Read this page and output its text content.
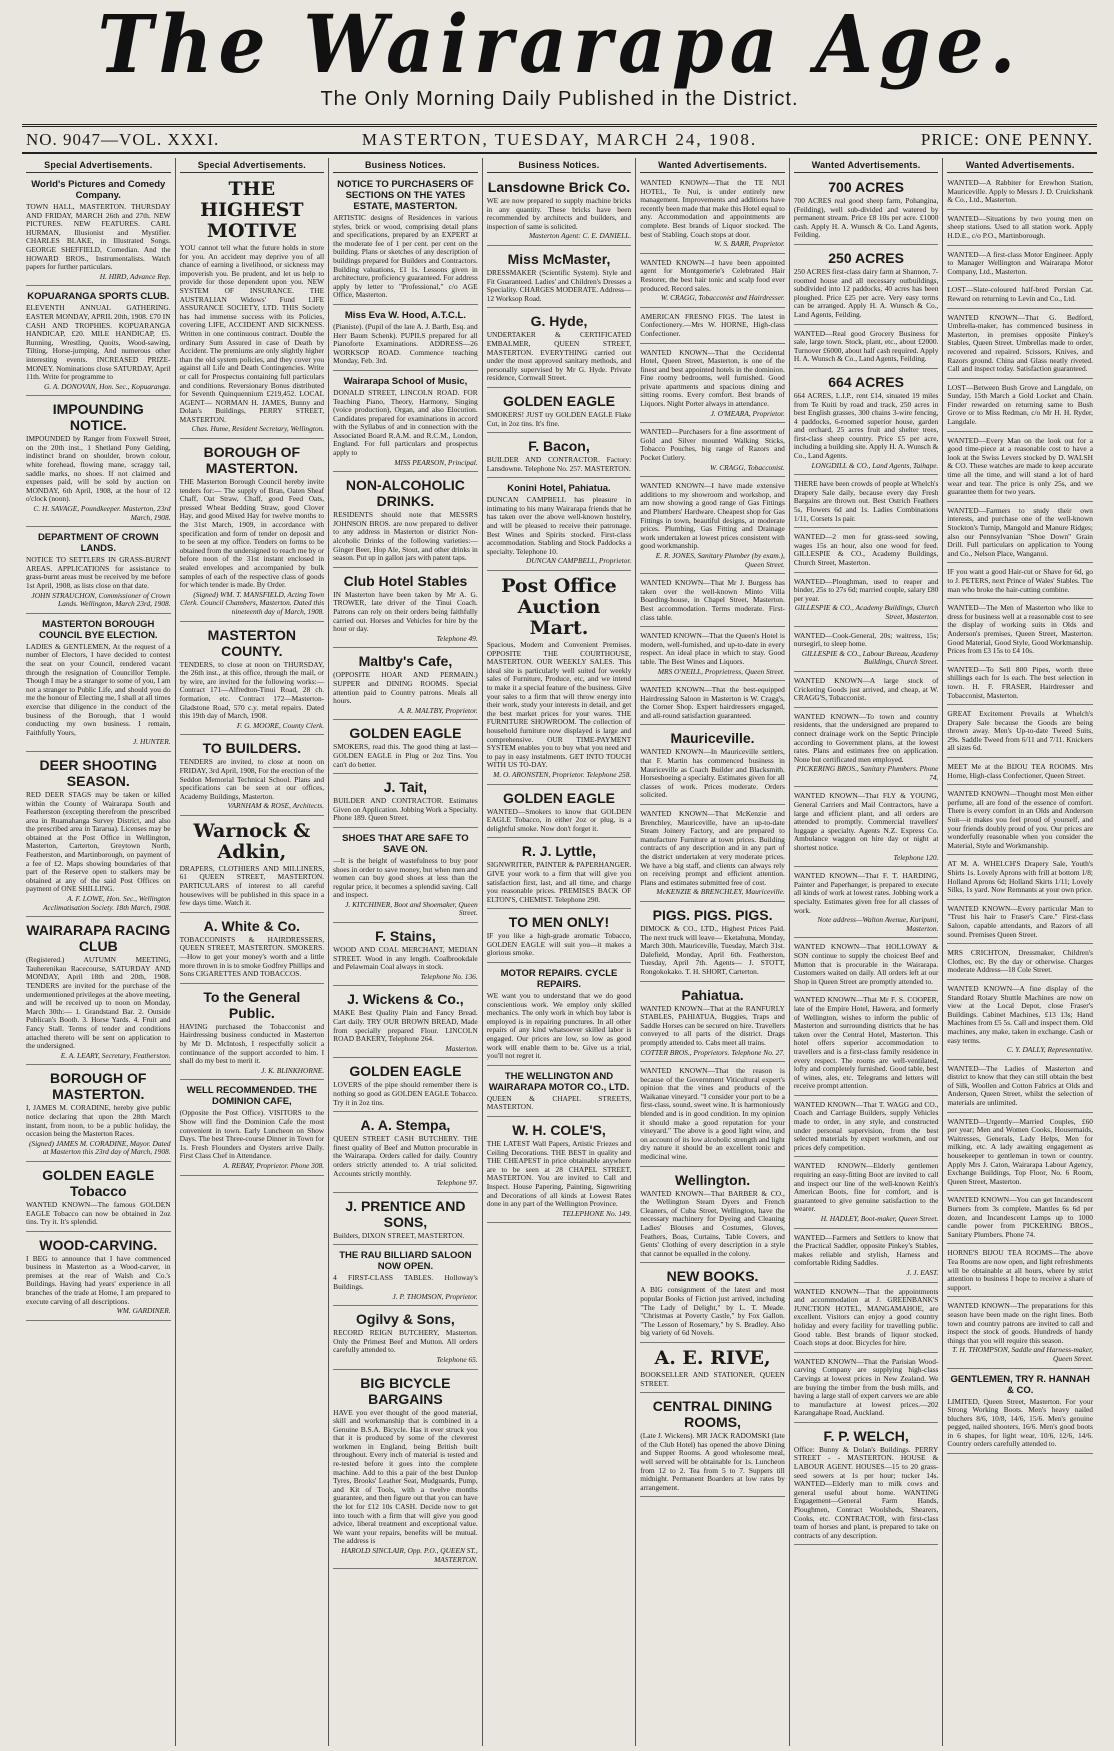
The Wairarapa Age.
The Only Morning Daily Published in the District.
NO. 9047—VOL. XXXI.	MASTERTON, TUESDAY, MARCH 24, 1908.	PRICE: ONE PENNY.
Special Advertisements.
World's Pictures and Comedy Company.
TOWN HALL, MASTERTON. THURSDAY AND FRIDAY, MARCH 26th and 27th. NEW PICTURES. NEW FEATURES. CARL HURMAN, Illusionist and Mystifier. CHARLES BLAKE, in Illustrated Songs. GEORGE SHEFFIELD, Comedian. And the HOWARD BROS., Instrumentalists. Watch papers for further particulars.
H. HIRD, Advance Rep.
KOPUARANGA SPORTS CLUB.
ELEVENTH ANNUAL GATHERING. EASTER MONDAY, APRIL 20th, 1908. £70 IN CASH AND TROPHIES. KOPUARANGA HANDICAP, £20. MILE HANDICAP, £5. Running, Wrestling, Quoits, Wood-sawing, Tilting, Horse-jumping, And numerous other interesting events. INCREASED PRIZE-MONEY. Nominations close SATURDAY, April 11th. Write for programme to
G. A. DONOVAN, Hon. Sec., Kopuaranga.
IMPOUNDING NOTICE.
IMPOUNDED by Ranger from Foxwell Street, on the 20th inst., 1 Shetland Pony Gelding, indistinct brand on shoulder, brown colour, white forehead, flowing mane, scraggy tail, saddle marks, no shoes. If not claimed and expenses paid, will be sold by auction on MONDAY, 6th April, 1908, at the hour of 12 o'clock (noon).
C. H. SAVAGE, Poundkeeper. Masterton, 23rd March, 1908.
DEPARTMENT OF CROWN LANDS.
NOTICE TO SETTLERS IN GRASS-BURNT AREAS. APPLICATIONS for assistance to grass-burnt areas must be received by me before 1st April, 1908, as lists close on that date.
JOHN STRAUCHON, Commissioner of Crown Lands. Wellington, March 23rd, 1908.
MASTERTON BOROUGH COUNCIL BYE ELECTION.
LADIES & GENTLEMEN, At the request of a number of Electors, I have decided to contest the seat on your Council, rendered vacant through the resignation of Councillor Temple. Though I may be a stranger to some of you, I am not a stranger to Public Life, and should you do me the honour of Electing me, I shall at all times exercise that diligence in the conduct of the business of the Borough, that I would conducting my own business. I remain, Faithfully Yours,
J. HUNTER.
DEER SHOOTING SEASON.
RED DEER STAGS may be taken or killed within the County of Wairarapa South and Featherston (excepting therefrom the prescribed area in Ruamahanga Survey District, and also the prescribed area in Tararua). Licenses may be obtained at the Post Office in Wellington, Masterton, Carterton, Greytown North, Featherston, and Martinborough, on payment of a fee of £2. Maps showing boundaries of that part of the Reserve open to stalkers may be obtained at any of the said Post Offices on payment of ONE SHILLING.
A. F. LOWE, Hon. Sec., Wellington Acclimatisation Society. 18th March, 1908.
WAIRARAPA RACING CLUB
(Registered.) AUTUMN MEETING, Tauherenikau Racecourse, SATURDAY AND MONDAY, April 18th and 20th, 1908. TENDERS are invited for the purchase of the undermentioned privileges at the above meeting, and will be received up to noon on Monday, March 30th:— 1. Grandstand Bar. 2. Outside Publican's Booth. 3. Horse Yards. 4. Fruit and Fancy Stall. Terms of tender and conditions attached thereto will be sent on application to the undersigned.
E. A. LEARY, Secretary, Featherston.
BOROUGH OF MASTERTON.
I, JAMES M. CORADINE, hereby give public notice declaring that upon the 28th March instant, from noon, to be a public holiday, the occasion being the Masterton Races.
(Signed) JAMES M. CORADINE, Mayor. Dated at Masterton this 23rd day of March, 1908.
GOLDEN EAGLE Tobacco
WANTED KNOWN—The famous GOLDEN EAGLE Tobacco can now be obtained in 2oz tins. Try it. It's splendid.
WOOD-CARVING.
I BEG to announce that I have commenced business in Masterton as a Wood-carver, in premises at the rear of Walsh and Co.'s Buildings. Having had years' experience in all branches of the trade at Home, I am prepared to execute carving of all descriptions.
WM. GARDINER.
Special Advertisements.
THE HIGHEST MOTIVE
YOU cannot tell what the future holds in store for you. An accident may deprive you of all chance of earning a livelihood, or sickness may impoverish you. Be prudent, and let us help to provide for those dependent upon you. NEW SYSTEM OF INSURANCE. THE AUSTRALIAN Widows' Fund LIFE ASSURANCE SOCIETY, LTD. THIS Society has had immense success with its Policies, covering LIFE, ACCIDENT AND SICKNESS. Written in one continuous contract. Double the ordinary Sum Assured in case of Death by Accident. The premiums are only slightly higher than the old system policies, and they cover you against all Life and Death Contingencies. Write or call for Prospectus containing full particulars and conditions. Reversionary Bonus distributed for Seventh Quinquennium £219,452. LOCAL AGENT— NORMAN H. JAMES, Bunny and Dolan's Buildings, PERRY STREET, MASTERTON.
Chas. Hume, Resident Secretary, Wellington.
BOROUGH OF MASTERTON.
THE Masterton Borough Council hereby invite tenders for:— The supply of Bran, Oaten Sheaf Chaff, Oat Straw, Chaff, good Feed Oats, pressed Wheat Bedding Straw, good Clover Hay, and good Mixed Hay for twelve months to the 31st March, 1909, in accordance with specification and form of tender on deposit and to be seen at my office. Tenders on forms to be obtained from the undersigned to reach me by or before noon of the 31st instant enclosed in sealed envelopes and accompanied by bulk samples of each of the respective class of goods for which tender is made. By Order.
(Signed) WM. T. MANSFIELD, Acting Town Clerk. Council Chambers, Masterton. Dated this nineteenth day of March, 1908.
MASTERTON COUNTY.
TENDERS, to close at noon on THURSDAY, the 26th inst., at this office, through the mail, or by wire, are invited for the following works:— Contract 171—Alfredton-Tinui Road, 28 ch. formation, etc. Contract 172—Masterton-Gladstone Road, 570 c.y. metal repairs. Dated this 19th day of March, 1908.
F. G. MOORE, County Clerk.
TO BUILDERS.
TENDERS are invited, to close at noon on FRIDAY, 3rd April, 1908, For the erection of the Seddon Memorial Technical School. Plans and specifications can be seen at our offices, Academy Buildings, Masterton.
VARNHAM & ROSE, Architects.
Warnock & Adkin,
DRAPERS, CLOTHIERS AND MILLINERS, 61 QUEEN STREET, MASTERTON. PARTICULARS of interest to all careful housewives will be published in this space in a few days time. Watch it.
A. White & Co.
TOBACCONISTS & HAIRDRESSERS, QUEEN STREET, MASTERTON. SMOKERS.—How to get your money's worth and a little more thrown in is to smoke Godfrey Phillips and Sons CIGARETTES AND TOBACCOS.
To the General Public.
HAVING purchased the Tobacconist and Hairdressing business conducted in Masterton by Mr D. McIntosh, I respectfully solicit a continuance of the support accorded to him. I shall do my best to merit it.
J. K. BLINKHORNE.
WELL RECOMMENDED. THE DOMINION CAFE,
(Opposite the Post Office). VISITORS to the Show will find the Dominion Cafe the most convenient in town. Early Luncheon on Show Days. The best Three-course Dinner in Town for 1s. Fresh Flounders and Oysters arrive Daily. First Class Chef in Attendance.
A. REBAY, Proprietor. Phone 308.
Business Notices.
NOTICE TO PURCHASERS OF SECTIONS ON THE YATES ESTATE, MASTERTON.
ARTISTIC designs of Residences in various styles, brick or wood, comprising detail plans and specifications, prepared by an EXPERT at the moderate fee of 1 per cent. per cent on the building. Plans or sketches of any description of buildings prepared for Builders and Contractors. Building valuations, £1 1s. Lessons given in architecture, proficiency guaranteed. For address apply by letter to "Professional," c/o AGE Office, Masterton.
Miss Eva W. Hood, A.T.C.L.
(Pianiste). (Pupil of the late A. J. Barth, Esq. and Herr Baum Schenk). PUPILS prepared for all Pianoforte Examinations. ADDRESS—26 WORKSOP ROAD. Commence teaching Monday, Feb. 3rd.
Wairarapa School of Music,
DONALD STREET, LINCOLN ROAD. FOR Teaching Piano, Theory, Harmony, Singing (voice production), Organ, and also Elocution. Candidates prepared for examinations in accord with the Syllabus of and in connection with the Associated Board R.A.M. and R.C.M., London, England. For full particulars and prospectus apply to
MISS PEARSON, Principal.
NON-ALCOHOLIC DRINKS.
RESIDENTS should note that MESSRS JOHNSON BROS. are now prepared to deliver to any address in Masterton or district Non-alcoholic Drinks of the following varieties:—Ginger Beer, Hop Ale, Stout, and other drinks in season. Put up in gallon jars with patent taps.
Club Hotel Stables
IN Masterton have been taken by Mr A. G. TROWER, late driver of the Tinui Coach. Patrons can rely on their orders being faithfully carried out. Horses and Vehicles for hire by the hour or day.
Telephone 49.
Maltby's Cafe,
(OPPOSITE HOAR AND PERMAIN.) SUPPER and DINING ROOMS. Special attention paid to Country patrons. Meals all hours.
A. R. MALTBY, Proprietor.
GOLDEN EAGLE
SMOKERS, read this. The good thing at last—GOLDEN EAGLE in Plug or 2oz Tins. You can't do better.
J. Tait,
BUILDER AND CONTRACTOR. Estimates Given on Application. Jobbing Work a Specialty. Phone 189. Queen Street.
SHOES THAT ARE SAFE TO SAVE ON.
—It is the height of wastefulness to buy poor shoes in order to save money, but when men and women can buy good shoes at less than the regular price, it becomes a splendid saving. Call and inspect.
J. KITCHINER, Boot and Shoemaker, Queen Street.
F. Stains,
WOOD AND COAL MERCHANT, MEDIAN STREET. Wood in any length. Coalbrookdale and Pelawmain Coal always in stock.
Telephone No. 136.
J. Wickens & Co.,
MAKE Best Quality Plain and Fancy Bread. Cart daily. TRY OUR BROWN BREAD, Made from specially prepared Flour. LINCOLN ROAD BAKERY, Telephone 264.
Masterton.
GOLDEN EAGLE
LOVERS of the pipe should remember there is nothing so good as GOLDEN EAGLE Tobacco. Try it in 2oz tins.
A. A. Stempa,
QUEEN STREET CASH BUTCHERY. THE finest quality of Beef and Mutton procurable in the Wairarapa. Orders called for daily. Country orders strictly attended to. A trial solicited. Accounts strictly monthly.
Telephone 97.
J. PRENTICE AND SONS,
Builders, DIXON STREET, MASTERTON.
THE RAU BILLIARD SALOON NOW OPEN.
4 FIRST-CLASS TABLES. Holloway's Buildings.
J. P. THOMSON, Proprietor.
Ogilvy & Sons,
RECORD REIGN BUTCHERY, Masterton. Only the Primest Beef and Mutton. All orders carefully attended to.
Telephone 65.
BIG BICYCLE BARGAINS
HAVE you ever thought of the good material, skill and workmanship that is combined in a Genuine B.S.A. Bicycle. Has it ever struck you that it is produced by some of the cleverest workmen in England, being British built throughout. Every inch of material is tested and re-tested before it goes into the complete machine. Add to this a pair of the best Dunlop Tyres, Brooks' Leather Seat, Mudguards, Pump, and Kit of Tools, with a twelve months guarantee, and then figure out that you can have the lot for £12 10s CASH. Decide now to get into touch with a firm that will give you good advice, liberal treatment and exceptional value. We want your repairs, benefits will be mutual. The address is
HAROLD SINCLAIR, Opp. P.O., QUEEN ST., MASTERTON.
Business Notices.
Lansdowne Brick Co.
WE are now prepared to supply machine bricks in any quantity. These bricks have been recommended by architects and builders, and inspection of same is solicited.
Masterton Agent: C. E. DANIELL.
Miss McMaster,
DRESSMAKER (Scientific System). Style and Fit Guaranteed. Ladies' and Children's Dresses a Speciality. CHARGES MODERATE. Address—12 Worksop Road.
G. Hyde,
UNDERTAKER & CERTIFICATED EMBALMER, QUEEN STREET, MASTERTON. EVERYTHING carried out under the most approved sanitary methods, and personally supervised by Mr G. Hyde. Private residence, Cornwall Street.
GOLDEN EAGLE
SMOKERS! JUST try GOLDEN EAGLE Flake Cut, in 2oz tins. It's fine.
F. Bacon,
BUILDER AND CONTRACTOR. Factory: Lansdowne. Telephone No. 257. MASTERTON.
Konini Hotel, Pahiatua.
DUNCAN CAMPBELL has pleasure in intimating to his many Wairarapa friends that he has taken over the above well-known hostelry, and will be pleased to receive their patronage. Best Wines and Spirits stocked. First-class accommodation. Stabling and Stock Paddocks a specialty. Telephone 10.
DUNCAN CAMPBELL, Proprietor.
Post Office Auction Mart.
Spacious, Modern and Convenient Premises. OPPOSITE THE COURTHOUSE, MASTERTON. OUR WEEKLY SALES. This ideal site is particularly well suited for weekly sales of Furniture, Produce, etc, and we intend to make it a special feature of the business. Give your sales to a firm that will throw energy into their work, study your interests in detail, and get the best market prices for your wares. THE FURNITURE SHOWROOM. The collection of household furniture now displayed is large and comprehensive. OUR TIME-PAYMENT SYSTEM enables you to buy what you need and to pay in easy instalments. GET INTO TOUCH WITH US TO-DAY.
M. O. ARONSTEN, Proprietor. Telephone 258.
GOLDEN EAGLE
WANTED—Smokers to know that GOLDEN EAGLE Tobacco, in either 2oz or plug, is a delightful smoke. Now don't forget it.
R. J. Lyttle,
SIGNWRITER, PAINTER & PAPERHANGER. GIVE your work to a firm that will give you satisfaction first, last, and all time, and charge you reasonable prices. PREMISES BACK OF ELTON'S, CHEMIST. Telephone 290.
TO MEN ONLY!
IF you like a high-grade aromatic Tobacco, GOLDEN EAGLE will suit you—it makes a glorious smoke.
MOTOR REPAIRS. CYCLE REPAIRS.
WE want you to understand that we do good conscientious work. We employ only skilled mechanics. The only work in which boy labor is employed is in repairing punctures. In all other repairs of any kind whatsoever skilled labor is engaged. Our prices are low, so low as good work will enable them to be. Give us a trial, you'll not regret it.
THE WELLINGTON AND WAIRARAPA MOTOR CO., LTD.
QUEEN & CHAPEL STREETS, MASTERTON.
W. H. COLE'S,
THE LATEST Wall Papers, Artistic Friezes and Ceiling Decorations. THE BEST in quality and THE CHEAPEST in price obtainable anywhere are to be seen at 28 CHAPEL STREET, MASTERTON. You are invited to Call and Inspect. House Papering, Painting, Signwriting and Decorations of all kinds at Lowest Rates done in any part of the Wellington Province.
TELEPHONE No. 149.
Wanted Advertisements.
WANTED KNOWN—That the TE NUI HOTEL, Te Nui, is under entirely new management. Improvements and additions have recently been made that make this Hotel equal to any. Accommodation and appointments are complete. Best brands of Liquor stocked. The best of Stabling. Coach stops at door.
W. S. BARR, Proprietor.
WANTED KNOWN—I have been appointed agent for Montgomerie's Celebrated Hair Restorer, the best hair tonic and scalp food ever produced. Record sales.
W. CRAGG, Tobacconist and Hairdresser.
AMERICAN FRESNO FIGS. The latest in Confectionery.—Mrs W. HORNE, High-class Confectioner.
WANTED KNOWN—That the Occidental Hotel, Queen Street, Masterton, is one of the finest and best appointed hotels in the dominion. Fine roomy bedrooms, well furnished. Good private apartments and spacious dining and sitting rooms. Every comfort. Best brands of Liquors. Night Porter always in attendance.
J. O'MEARA, Proprietor.
WANTED—Purchasers for a fine assortment of Gold and Silver mounted Walking Sticks, Tobacco Pouches, big range of Razors and Pocket Cutlery.
W. CRAGG, Tobacconist.
WANTED KNOWN—I have made extensive additions to my showroom and workshop, and am now showing a good range of Gas Fittings and Plumbers' Hardware. Cheapest shop for Gas Fittings in town, beautiful designs, at moderate prices. Plumbing, Gas Fitting and Drainage work undertaken at lowest prices consistent with good workmanship.
E. R. JONES, Sanitary Plumber (by exam.), Queen Street.
WANTED KNOWN—That Mr J. Burgess has taken over the well-known Minto Villa Boarding-house, in Chapel Street, Masterton. Best accommodation. Terms moderate. First-class table.
WANTED KNOWN—That the Queen's Hotel is modern, well-furnished, and up-to-date in every respect. An ideal place in which to stay. Good table. The Best Wines and Liquors.
MRS O'NEILL, Proprietress, Queen Street.
WANTED KNOWN—That the best-equipped Hairdressing Saloon in Masterton is W. Cragg's, the Corner Shop. Expert hairdressers engaged, and all-round satisfaction guaranteed.
Mauriceville.
WANTED KNOWN—In Mauriceville settlers, that F. Martin has commenced business in Mauriceville as Coach Builder and Blacksmith. Horseshoeing a specialty. Estimates given for all classes of work. Prices moderate. Orders solicited.
WANTED KNOWN—That McKenzie and Brenchley, Mauriceville, have an up-to-date Steam Joinery Factory, and are prepared to manufacture Furniture at town prices. Building contracts of any description and in any part of the district undertaken at very moderate prices. We have a big staff, and clients can always rely on receiving prompt and efficient attention. Plans and estimates submitted free of cost.
McKENZIE & BRENCHLEY, Mauriceville.
PIGS. PIGS. PIGS.
DIMOCK & CO., LTD., Highest Prices Paid. The next truck will leave— Eketahuna, Monday, March 30th. Mauriceville, Tuesday, March 31st. Dalefield, Monday, April 6th. Featherston, Tuesday, April 7th. Agents— J. STOTT, Rongokokako. T. H. SHORT, Carterton.
Pahiatua.
WANTED KNOWN—That at the RANFURLY STABLES, PAHIATUA, Buggies, Traps and Saddle Horses can be secured on hire. Travellers conveyed to all parts of the district. Drags promptly attended to. Cabs meet all trains.
COTTER BROS., Proprietors. Telephone No. 27.
WANTED KNOWN—That the reason is because of the Government Viticultural expert's opinion that the vines and products of the Waikanae vineyard. "I consider your port to be a first-class, sound, sweet wine. It is harmoniously blended and is in good condition. In my opinion it should make a good reputation for your vineyard." The above is a good light wine, and on account of its low alcoholic strength and light dry nature it should be an excellent tonic and medicinal wine.
Wellington.
WANTED KNOWN—That BARBER & CO., the Wellington Steam Dyers and French Cleaners, of Cuba Street, Wellington, have the necessary machinery for Dyeing and Cleaning Ladies' Blouses and Costumes, Gloves, Feathers, Boas, Curtains, Table Covers, and Gents' Clothing of every description in a style that cannot be equalled in the colony.
NEW BOOKS.
A BIG consignment of the latest and most popular Books of Fiction just arrived, including "The Lady of Delight," by L. T. Meade. "Christmas at Poverty Castle," by Fox Gallon. "The Lesson of Rosemary," by S. Bradley. Also big variety of 6d Novels.
A. E. RIVE,
BOOKSELLER AND STATIONER, QUEEN STREET.
CENTRAL DINING ROOMS,
(Late J. Wickens). MR JACK RADOMSKI (late of the Club Hotel) has opened the above Dining and Supper Rooms. A good wholesome meal, well served will be obtainable for 1s. Luncheon from 12 to 2. Tea from 5 to 7. Suppers till midnight. Permanent Boarders at low rates by arrangement.
Wanted Advertisements.
700 ACRES
700 ACRES real good sheep farm, Pohangina, (Feilding), well sub-divided and watered by permanent stream. Price £8 10s per acre. £1000 cash. Apply H. A. Wunsch & Co. Land Agents, Feilding.
250 ACRES
250 ACRES first-class dairy farm at Shannon, 7-roomed house and all necessary outbuildings, subdivided into 12 paddocks, 40 acres has been ploughed. Price £25 per acre. Very easy terms can be arranged. Apply H. A. Wunsch & Co., Land Agents, Feilding.
WANTED—Real good Grocery Business for sale, large town. Stock, plant, etc., about £2000. Turnover £6000, about half cash required. Apply H. A. Wunsch & Co., Land Agents, Feilding.
664 ACRES
664 ACRES, L.I.P., rent £14, situated 19 miles from Te Kuiti by road and track, 250 acres in best English grasses, 300 chains 3-wire fencing, 4 paddocks, 6-roomed superior house, garden and orchard, 25 acres fruit and shelter trees, first-class sheep country. Price £5 per acre, including a building site. Apply H. A. Wunsch & Co., Land Agents.
LONGDILL & CO., Land Agents, Taihape.
THERE have been crowds of people at Whelch's Drapery Sale daily, because every day Fresh Bargains are thrown out. Best Ostrich Feathers 5s, Flowers 6d and 1s. Ladies Combinations 1/11, Corsets 1s pair.
WANTED—2 men for grass-seed sowing, wages 15s an hour, also one wood for feed. GILLESPIE & CO., Academy Buildings, Church Street, Masterton.
WANTED—Ploughman, used to reaper and binder, 25s to 27s 6d; married couple, salary £80 per year.
GILLESPIE & CO., Academy Buildings, Church Street, Masterton.
WANTED—Cook-General, 20s; waitress, 15s; nursegirl, to sleep home.
GILLESPIE & CO., Labour Bureau, Academy Buildings, Church Street.
WANTED KNOWN—A large stock of Cricketing Goods just arrived, and cheap, at W. CRAGG'S, Tobacconist.
WANTED KNOWN—To town and country residents, that the undersigned are prepared to connect drainage work on the Septic Principle according to Government plans, at the lowest rates. Plans and estimates free on application. None but certificated men employed.
PICKERING BROS., Sanitary Plumbers. Phone 74.
WANTED KNOWN—That FLY & YOUNG, General Carriers and Mail Contractors, have a large and efficient plant, and all orders are attended to promptly. Commercial travellers' luggage a specialty. Agents N.Z. Express Co. Ambulance waggon on hire day or night at shortest notice.
Telephone 120.
WANTED KNOWN—That F. T. HARDING, Painter and Paperhanger, is prepared to execute all kinds of work at lowest rates. Jobbing work a specialty. Estimates given free for all classes of work.
Note address—Walton Avenue, Kuripuni, Masterton.
WANTED KNOWN—That HOLLOWAY & SON continue to supply the choicest Beef and Mutton that is procurable in the Wairarapa. Customers waited on daily. All orders left at our Shop in Queen Street are promptly attended to.
WANTED KNOWN—That Mr F. S. COOPER, late of the Empire Hotel, Hawera, and formerly of Wellington, wishes to inform the public of Masterton and surrounding districts that he has taken over the Central Hotel, Masterton. This hotel offers superior accommodation to travellers and is a first-class family residence in every respect. The rooms are well-ventilated, lofty and completely furnished. Good table, best of wines, ales, etc. Telegrams and letters will receive prompt attention.
WANTED KNOWN—That T. WAGG and CO., Coach and Carriage Builders, supply Vehicles made to order, in any style, and constructed under personal supervision, from the best selected materials by expert workmen, and our prices defy competition.
WANTED KNOWN—Elderly gentlemen requiring an easy-fitting Boot are invited to call and inspect our line of the well-known Keith's American Boots, fine for comfort, and is guaranteed to give genuine satisfaction to the wearer.
H. HADLEY, Boot-maker, Queen Street.
WANTED—Farmers and Settlers to know that the Practical Saddler, opposite Pinkey's Stables, makes reliable and stylish, Harness and comfortable Riding Saddles.
J. J. EAST.
WANTED KNOWN—That the appointments and accommodation at J. GREENBANK'S JUNCTION HOTEL, MANGAMAHOE, are excellent. Visitors can enjoy a good country holiday and every facility for travelling public. Good table. Best brands of liquor stocked. Coach stops at door. Bicycles for hire.
WANTED KNOWN—That the Parisian Wood-carving Company are supplying high-class Carvings at lowest prices in New Zealand. We are buying the timber from the bush mills, and having a large stall of expert carvers we are able to manufacture at lowest prices.—202 Karangahape Road, Auckland.
F. P. WELCH,
Office: Bunny & Dolan's Buildings. PERRY STREET - - MASTERTON. HOUSE & LABOUR AGENT. HOUSES—15 to 20 grass-seed sowers at 1s per hour; tucker 14s. WANTED—Elderly man to milk cows and general useful about home. WANTING Engagement—General Farm Hands, Ploughmen, Contract Woolsheds, Shearers, Cooks, etc. CONTRACTOR, with first-class team of horses and plant, is prepared to take on contracts of any description.
Wanted Advertisements.
WANTED—A Rabbiter for Erewhon Station, Mauriceville. Apply to Messrs J. D. Cruickshank & Co., Ltd., Masterton.
WANTED—Situations by two young men on sheep stations. Used to all station work. Apply H.D.E., c/o P.O., Martinborough.
WANTED—A first-class Motor Engineer. Apply to Manager Wellington and Wairarapa Motor Company, Ltd., Masterton.
LOST—Slate-coloured half-bred Persian Cat. Reward on returning to Levin and Co., Ltd.
WANTED KNOWN—That G. Bedford, Umbrella-maker, has commenced business in Masterton, in premises opposite Pinkey's Stables, Queen Street. Umbrellas made to order, recovered and repaired. Scissors, Knives, and Razors ground. China and Glass neatly riveted. Call and inspect today. Satisfaction guaranteed.
LOST—Between Bush Grove and Langdale, on Sunday, 15th March a Gold Locket and Chain. Finder rewarded on returning same to Bush Grove or to Miss Redman, c/o Mr H. H. Ryder, Langdale.
WANTED—Every Man on the look out for a good time-piece at a reasonable cost to have a look at the Swiss Levers stocked by D. WALSH & CO. These watches are made to keep accurate time all the time, and will stand a lot of hard wear and tear. The price is only 25s, and we guarantee them for two years.
WANTED—Farmers to study their own interests, and purchase one of the well-known Stockton's Turnip, Mangold and Manure Ridges; also our Pennsylvanian "Shoe Down" Grain Drill. Full particulars on application to Young and Co., Nelson Place, Wanganui.
IF you want a good Hair-cut or Shave for 6d, go to J. PETERS, next Prince of Wales' Stables. The man who broke the hair-cutting combine.
WANTED—The Men of Masterton who like to dress for business well at a reasonable cost to see the display of working suits in Olds and Anderson's premises, Queen Street, Masterton. Good Material, Good Style, Good Workmanship. Prices from £3 15s to £4 10s.
WANTED—To Sell 800 Pipes, worth three shillings each for 1s each. The best selection in town. H. F. FRASER, Hairdresser and Tobacconist, Masterton.
GREAT Excitement Prevails at Whelch's Drapery Sale because the Goods are being thrown away. Men's Up-to-date Tweed Suits, 29s. Saddle Tweed from 6/11 and 7/11. Knickers all sizes 6d.
MEET Me at the BIJOU TEA ROOMS. Mrs Horne, High-class Confectioner, Queen Street.
WANTED KNOWN—Thought most Men either perfume, all are fond of the essence of comfort. There is every comfort in an Olds and Anderson Suit—it makes you feel proud of yourself, and your friends doubly proud of you. Our prices are wonderfully reasonable when you consider the Material, Style and Workmanship.
AT M. A. WHELCH'S Drapery Sale, Youth's Shirts 1s. Lovely Aprons with frill at bottom 1/8; Holland Aprons 6d; Holland Skirts 1/11; Lovely Silks, 1s yard. Now Remnants at your own price.
WANTED KNOWN—Every particular Man to "Trust his hair to Fraser's Care." First-class Saloon, capable attendants, and Razors of all sound. Premises Queen Street.
MRS CRICHTON, Dressmaker, Children's Clothes, etc. By the day or otherwise. Charges moderate Address—18 Cole Street.
WANTED KNOWN—A fine display of the Standard Rotary Shuttle Machines are now on view at the Local Depot, close Fraser's Buildings. Cabinet Machines, £13 13s; Hand Machines from £5 5s. Call and inspect them. Old machines, any make, taken in exchange. Cash or easy terms.
C. Y. DALLY, Representative.
WANTED—The Ladies of Masterton and district to know that they can still obtain the best of Silk, Woollen and Cotton Fabrics at Olds and Anderson, Queen Street, whilst the selection of materials are unlimited.
WANTED—Urgently—Married Couples, £60 per year; Men and Women Cooks, Housemaids, Waitresses, Generals, Lady Helps, Men for milking, etc. A lady awaiting engagement as housekeeper to gentleman in town or country. Apply Mrs J. Caton, Wairarapa Labour Agency, Exchange Buildings, Top Floor, No. 6 Room, Queen Street, Masterton.
WANTED KNOWN—You can get Incandescent Burners from 3s complete, Mantles 6s 6d per dozen, and Incandescent Lamps up to 1000 candle power from PICKERING BROS., Sanitary Plumbers. Phone 74.
HORNE'S BIJOU TEA ROOMS—The above Tea Rooms are now open, and light refreshments will be obtainable at all hours, where by strict attention to business I hope to receive a share of support.
WANTED KNOWN—The preparations for this season have been made on the right lines. Both town and country patrons are invited to call and inspect the stock of goods. Hundreds of handy things that you will require this season.
T. H. THOMPSON, Saddle and Harness-maker, Queen Street.
GENTLEMEN, TRY R. HANNAH & CO.
LIMITED, Queen Street, Masterton. For your Strong Working Boots. Men's heavy nailed bluchers 8/6, 10/8, 14/6, 15/6. Men's genuine pegged, nailed shooters, 16/6. Men's good boots in 6 shapes, for light wear, 10/6, 12/6, 14/6. Country orders carefully attended to.
